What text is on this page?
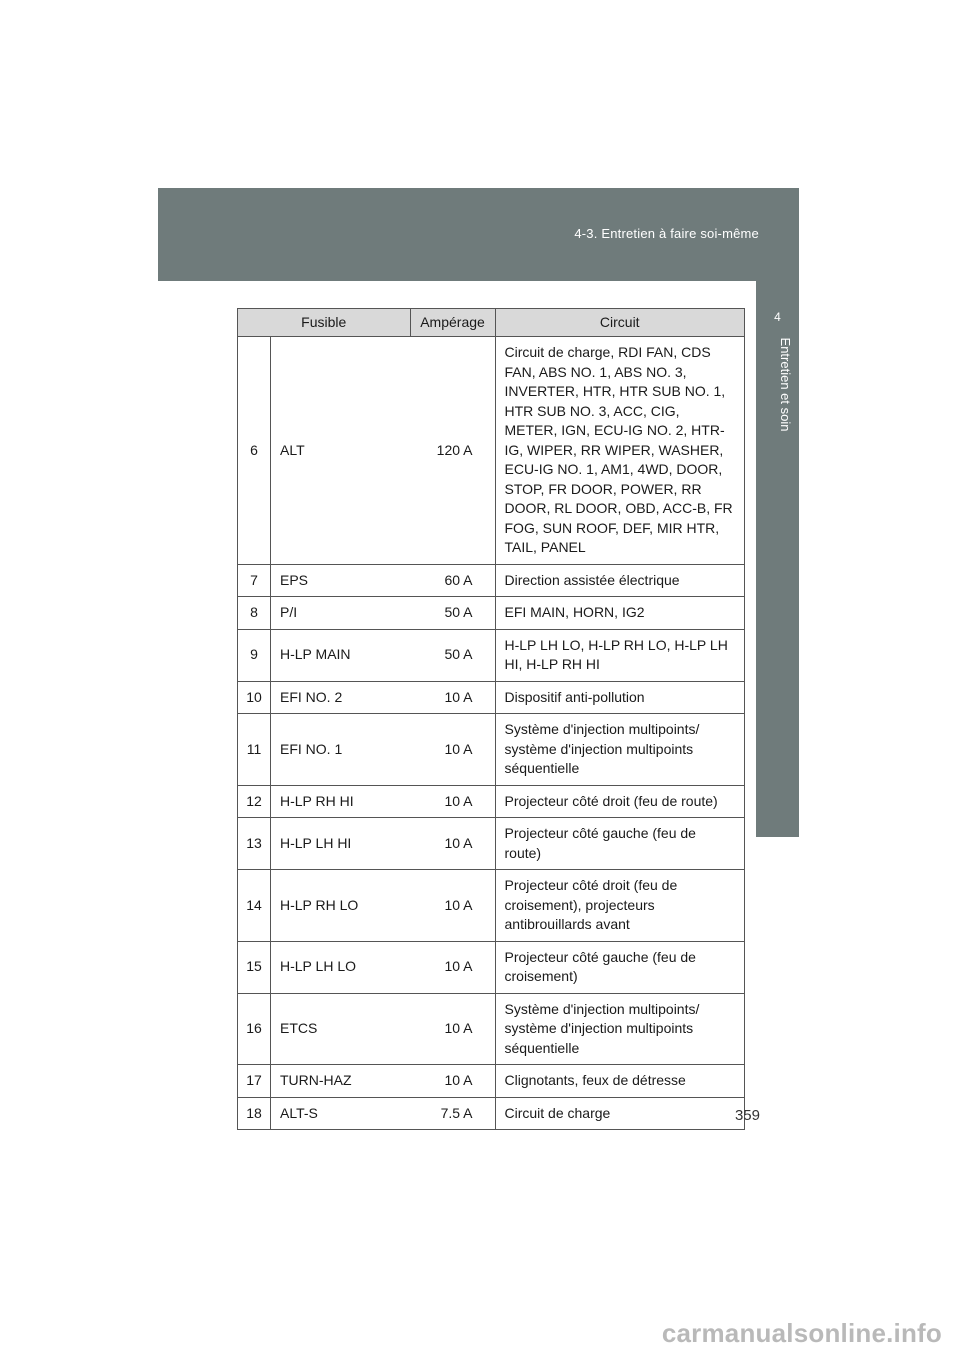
4-3. Entretien à faire soi-même
4
Entretien et soin
Fusible		Ampérage	Circuit
6	ALT	120 A	Circuit de charge, RDI FAN, CDS FAN, ABS NO. 1, ABS NO. 3, INVERTER, HTR, HTR SUB NO. 1, HTR SUB NO. 3, ACC, CIG, METER, IGN, ECU-IG NO. 2, HTR-IG, WIPER, RR WIPER, WASHER, ECU-IG NO. 1, AM1, 4WD, DOOR, STOP, FR DOOR, POWER, RR DOOR, RL DOOR, OBD, ACC-B, FR FOG, SUN ROOF, DEF, MIR HTR, TAIL, PANEL
7	EPS	60 A	Direction assistée électrique
8	P/I	50 A	EFI MAIN, HORN, IG2
9	H-LP MAIN	50 A	H-LP LH LO, H-LP RH LO, H-LP LH HI, H-LP RH HI
10	EFI NO. 2	10 A	Dispositif anti-pollution
11	EFI NO. 1	10 A	Système d'injection multipoints/ système d'injection multipoints séquentielle
12	H-LP RH HI	10 A	Projecteur côté droit (feu de route)
13	H-LP LH HI	10 A	Projecteur côté gauche (feu de route)
14	H-LP RH LO	10 A	Projecteur côté droit (feu de croisement), projecteurs antibrouillards avant
15	H-LP LH LO	10 A	Projecteur côté gauche (feu de croisement)
16	ETCS	10 A	Système d'injection multipoints/ système d'injection multipoints séquentielle
17	TURN-HAZ	10 A	Clignotants, feux de détresse
18	ALT-S	7.5 A	Circuit de charge	359
carmanualsonline.info
